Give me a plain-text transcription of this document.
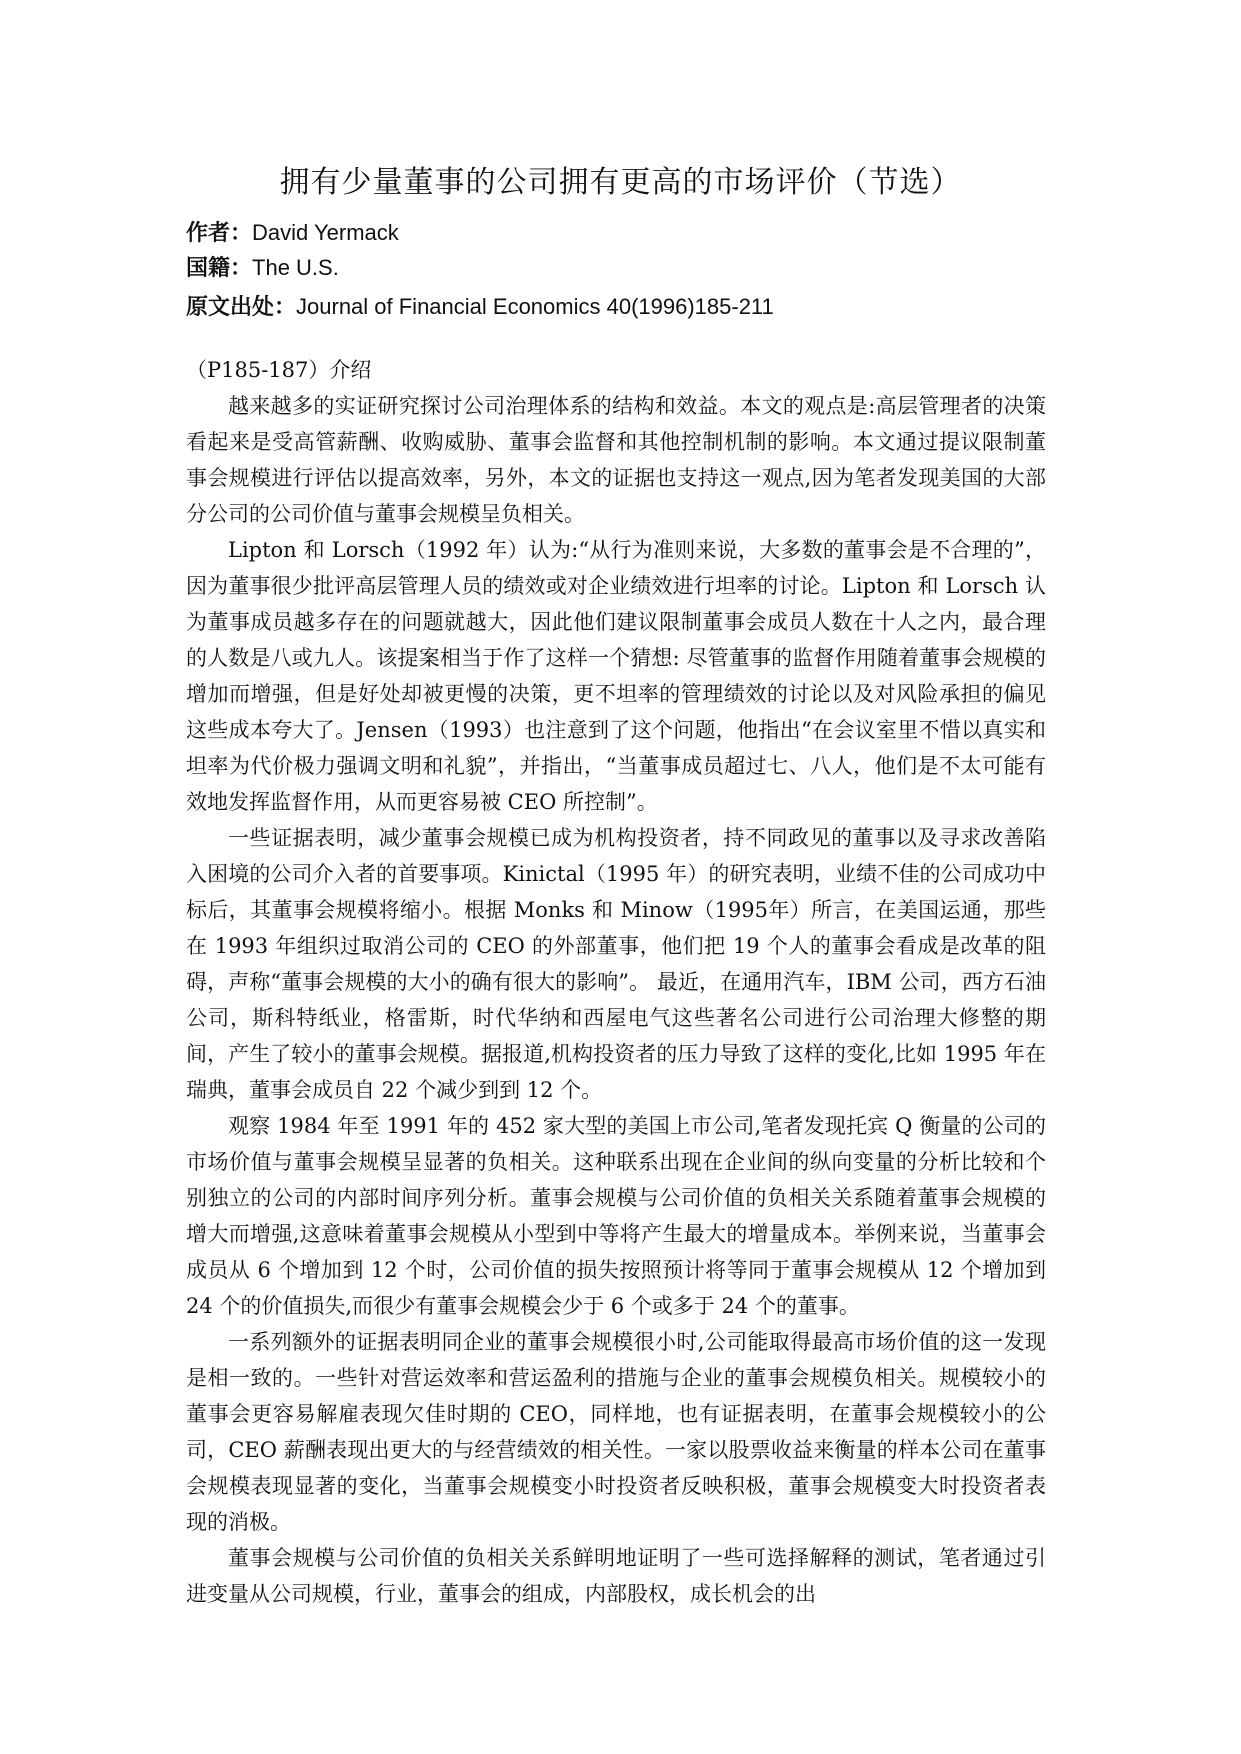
拥有少量董事的公司拥有更高的市场评价（节选）
作者：David Yermack
国籍：The U.S.
原文出处：Journal of Financial Economics 40(1996)185-211

（P185-187）介绍

越来越多的实证研究探讨公司治理体系的结构和效益。本文的观点是:高层管理者的决策看起来是受高管薪酬、收购威胁、董事会监督和其他控制机制的影响。本文通过提议限制董事会规模进行评估以提高效率，另外，本文的证据也支持这一观点,因为笔者发现美国的大部分公司的公司价值与董事会规模呈负相关。

Lipton 和 Lorsch（1992 年）认为:“从行为准则来说，大多数的董事会是不合理的”，因为董事很少批评高层管理人员的绩效或对企业绩效进行坦率的讨论。Lipton 和 Lorsch 认为董事成员越多存在的问题就越大，因此他们建议限制董事会成员人数在十人之内，最合理的人数是八或九人。该提案相当于作了这样一个猜想: 尽管董事的监督作用随着董事会规模的增加而增强，但是好处却被更慢的决策，更不坦率的管理绩效的讨论以及对风险承担的偏见这些成本夸大了。Jensen（1993）也注意到了这个问题，他指出“在会议室里不惜以真实和坦率为代价极力强调文明和礼貌”，并指出，“当董事成员超过七、八人，他们是不太可能有效地发挥监督作用，从而更容易被 CEO 所控制”。

一些证据表明，减少董事会规模已成为机构投资者，持不同政见的董事以及寻求改善陷入困境的公司介入者的首要事项。Kinictal（1995 年）的研究表明，业绩不佳的公司成功中标后，其董事会规模将缩小。根据 Monks 和 Minow（1995年）所言，在美国运通，那些在 1993 年组织过取消公司的 CEO 的外部董事，他们把 19 个人的董事会看成是改革的阻碍，声称“董事会规模的大小的确有很大的影响”。 最近，在通用汽车，IBM 公司，西方石油公司，斯科特纸业，格雷斯，时代华纳和西屋电气这些著名公司进行公司治理大修整的期间，产生了较小的董事会规模。据报道,机构投资者的压力导致了这样的变化,比如 1995 年在瑞典，董事会成员自 22 个减少到到 12 个。

观察 1984 年至 1991 年的 452 家大型的美国上市公司,笔者发现托宾 Q 衡量的公司的市场价值与董事会规模呈显著的负相关。这种联系出现在企业间的纵向变量的分析比较和个别独立的公司的内部时间序列分析。董事会规模与公司价值的负相关关系随着董事会规模的增大而增强,这意味着董事会规模从小型到中等将产生最大的增量成本。举例来说，当董事会成员从 6 个增加到 12 个时，公司价值的损失按照预计将等同于董事会规模从 12 个增加到 24 个的价值损失,而很少有董事会规模会少于 6 个或多于 24 个的董事。

一系列额外的证据表明同企业的董事会规模很小时,公司能取得最高市场价值的这一发现是相一致的。一些针对营运效率和营运盈利的措施与企业的董事会规模负相关。规模较小的董事会更容易解雇表现欠佳时期的 CEO，同样地，也有证据表明，在董事会规模较小的公司，CEO 薪酬表现出更大的与经营绩效的相关性。一家以股票收益来衡量的样本公司在董事会规模表现显著的变化，当董事会规模变小时投资者反映积极，董事会规模变大时投资者表现的消极。

董事会规模与公司价值的负相关关系鲜明地证明了一些可选择解释的测试，笔者通过引进变量从公司规模，行业，董事会的组成，内部股权，成长机会的出
